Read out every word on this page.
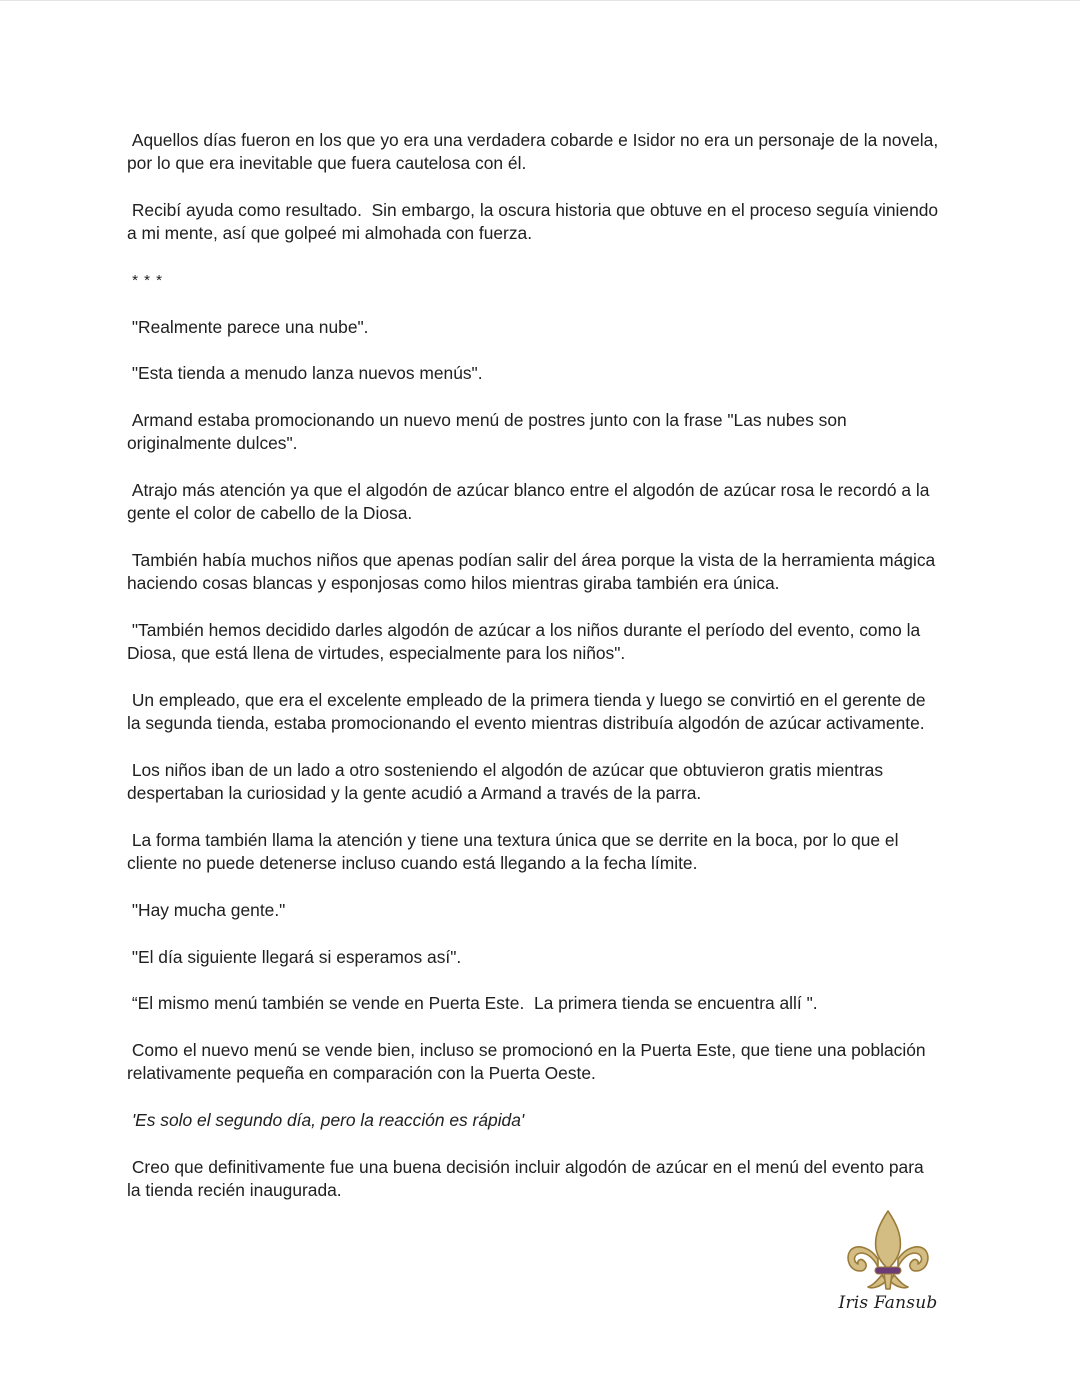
Aquellos días fueron en los que yo era una verdadera cobarde e Isidor no era un personaje de la novela,
por lo que era inevitable que fuera cautelosa con él.

Recibí ayuda como resultado.  Sin embargo, la oscura historia que obtuve en el proceso seguía viniendo
a mi mente, así que golpeé mi almohada con fuerza.

* * *

"Realmente parece una nube".

"Esta tienda a menudo lanza nuevos menús".

Armand estaba promocionando un nuevo menú de postres junto con la frase "Las nubes son
originalmente dulces".

Atrajo más atención ya que el algodón de azúcar blanco entre el algodón de azúcar rosa le recordó a la
gente el color de cabello de la Diosa.

También había muchos niños que apenas podían salir del área porque la vista de la herramienta mágica
haciendo cosas blancas y esponjosas como hilos mientras giraba también era única.

"También hemos decidido darles algodón de azúcar a los niños durante el período del evento, como la
Diosa, que está llena de virtudes, especialmente para los niños".

Un empleado, que era el excelente empleado de la primera tienda y luego se convirtió en el gerente de
la segunda tienda, estaba promocionando el evento mientras distribuía algodón de azúcar activamente.

Los niños iban de un lado a otro sosteniendo el algodón de azúcar que obtuvieron gratis mientras
despertaban la curiosidad y la gente acudió a Armand a través de la parra.

La forma también llama la atención y tiene una textura única que se derrite en la boca, por lo que el
cliente no puede detenerse incluso cuando está llegando a la fecha límite.

"Hay mucha gente."

"El día siguiente llegará si esperamos así".

“El mismo menú también se vende en Puerta Este.  La primera tienda se encuentra allí ".

Como el nuevo menú se vende bien, incluso se promocionó en la Puerta Este, que tiene una población
relativamente pequeña en comparación con la Puerta Oeste.

'Es solo el segundo día, pero la reacción es rápida'

Creo que definitivamente fue una buena decisión incluir algodón de azúcar en el menú del evento para
la tienda recién inaugurada.

Iris Fansub
